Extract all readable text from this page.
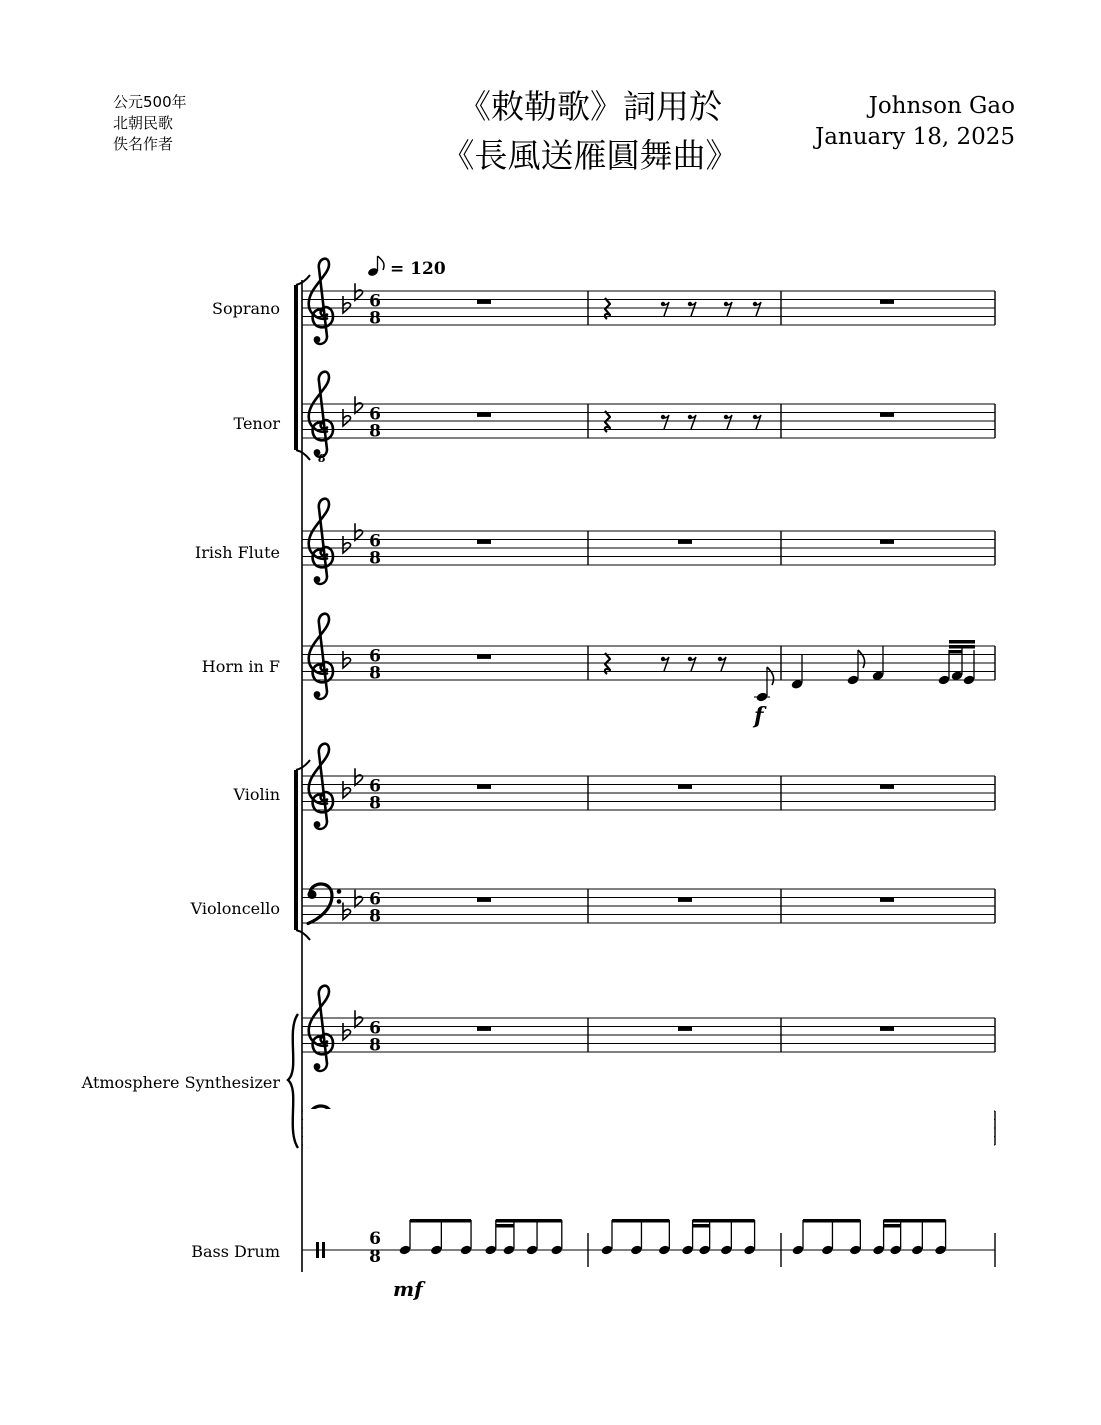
公元500年
北朝民歌
佚名作者
《敕勒歌》詞用於
《長風送雁圓舞曲》
Johnson Gao
January 18, 2025
6
8
6
8
6
8
6
8
6
8
6
8
6
8
Soprano
Tenor
Irish Flute
Horn in F
Violin
Violoncello
Atmosphere Synthesizer
Bass Drum
8
= 120
f
6
8
mf
